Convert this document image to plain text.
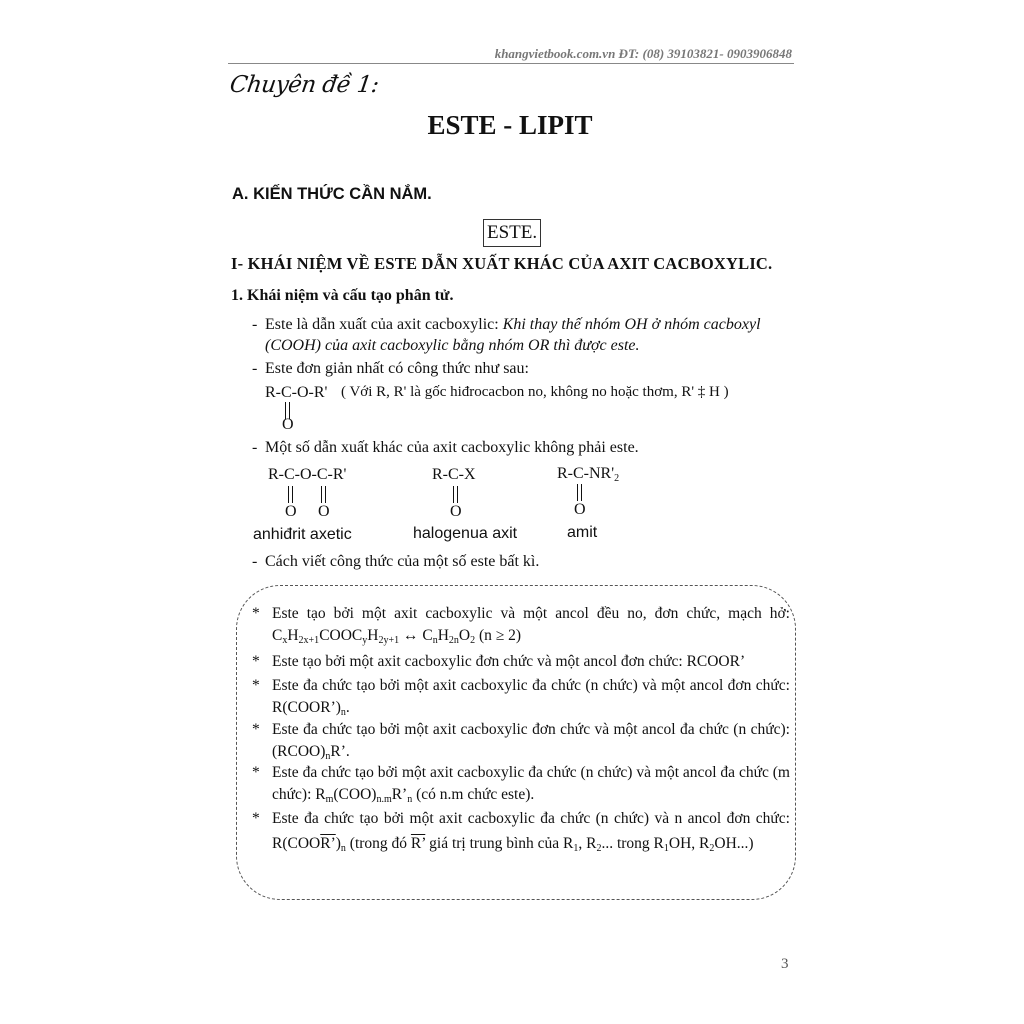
khangvietbook.com.vn ĐT: (08) 39103821- 0903906848
Chuyên đề 1:
ESTE - LIPIT
A. KIẾN THỨC CẦN NẮM.
ESTE.
I- KHÁI NIỆM VỀ ESTE DẪN XUẤT KHÁC CỦA AXIT CACBOXYLIC.
1. Khái niệm và cấu tạo phân tử.
- Este là dẫn xuất của axit cacboxylic: Khi thay thế nhóm OH ở nhóm cacboxyl
(COOH) của axit cacboxylic bằng nhóm OR thì được este.
- Este đơn giản nhất có công thức như sau:
R-C-O-R' ( Với R, R' là gốc hiđrocacbon no, không no hoặc thơm, R' ‡ H )
O
- Một số dẫn xuất khác của axit cacboxylic không phải este.
R-C-O-C-R'
O O
anhiđrit axetic
R-C-X
O
halogenua axit
$R-C-NR'_2$
O
amit
- Cách viết công thức của một số este bất kì.
* Este tạo bởi một axit cacboxylic và một ancol đều no, đơn chức, mạch hở: $C_xH_{2x+1}COOC_yH_{2y+1}$ ↔ $C_nH_{2n}O_2$ (n ≥ 2)
* Este tạo bởi một axit cacboxylic đơn chức và một ancol đơn chức: RCOOR’
* Este đa chức tạo bởi một axit cacboxylic đa chức (n chức) và một ancol đơn chức: $R(COOR’)_n$.
* Este đa chức tạo bởi một axit cacboxylic đơn chức và một ancol đa chức (n chức): $(RCOO)_nR$’.
* Este đa chức tạo bởi một axit cacboxylic đa chức (n chức) và một ancol đa chức (m chức): $R_m(COO)_{n.m}R’_n$ (có n.m chức este).
* Este đa chức tạo bởi một axit cacboxylic đa chức (n chức) và n ancol đơn chức: $R(COOR’)_n$ (trong đó R’ giá trị trung bình của $R_1$, $R_2$... trong $R_1OH$, $R_2OH$...)
3
